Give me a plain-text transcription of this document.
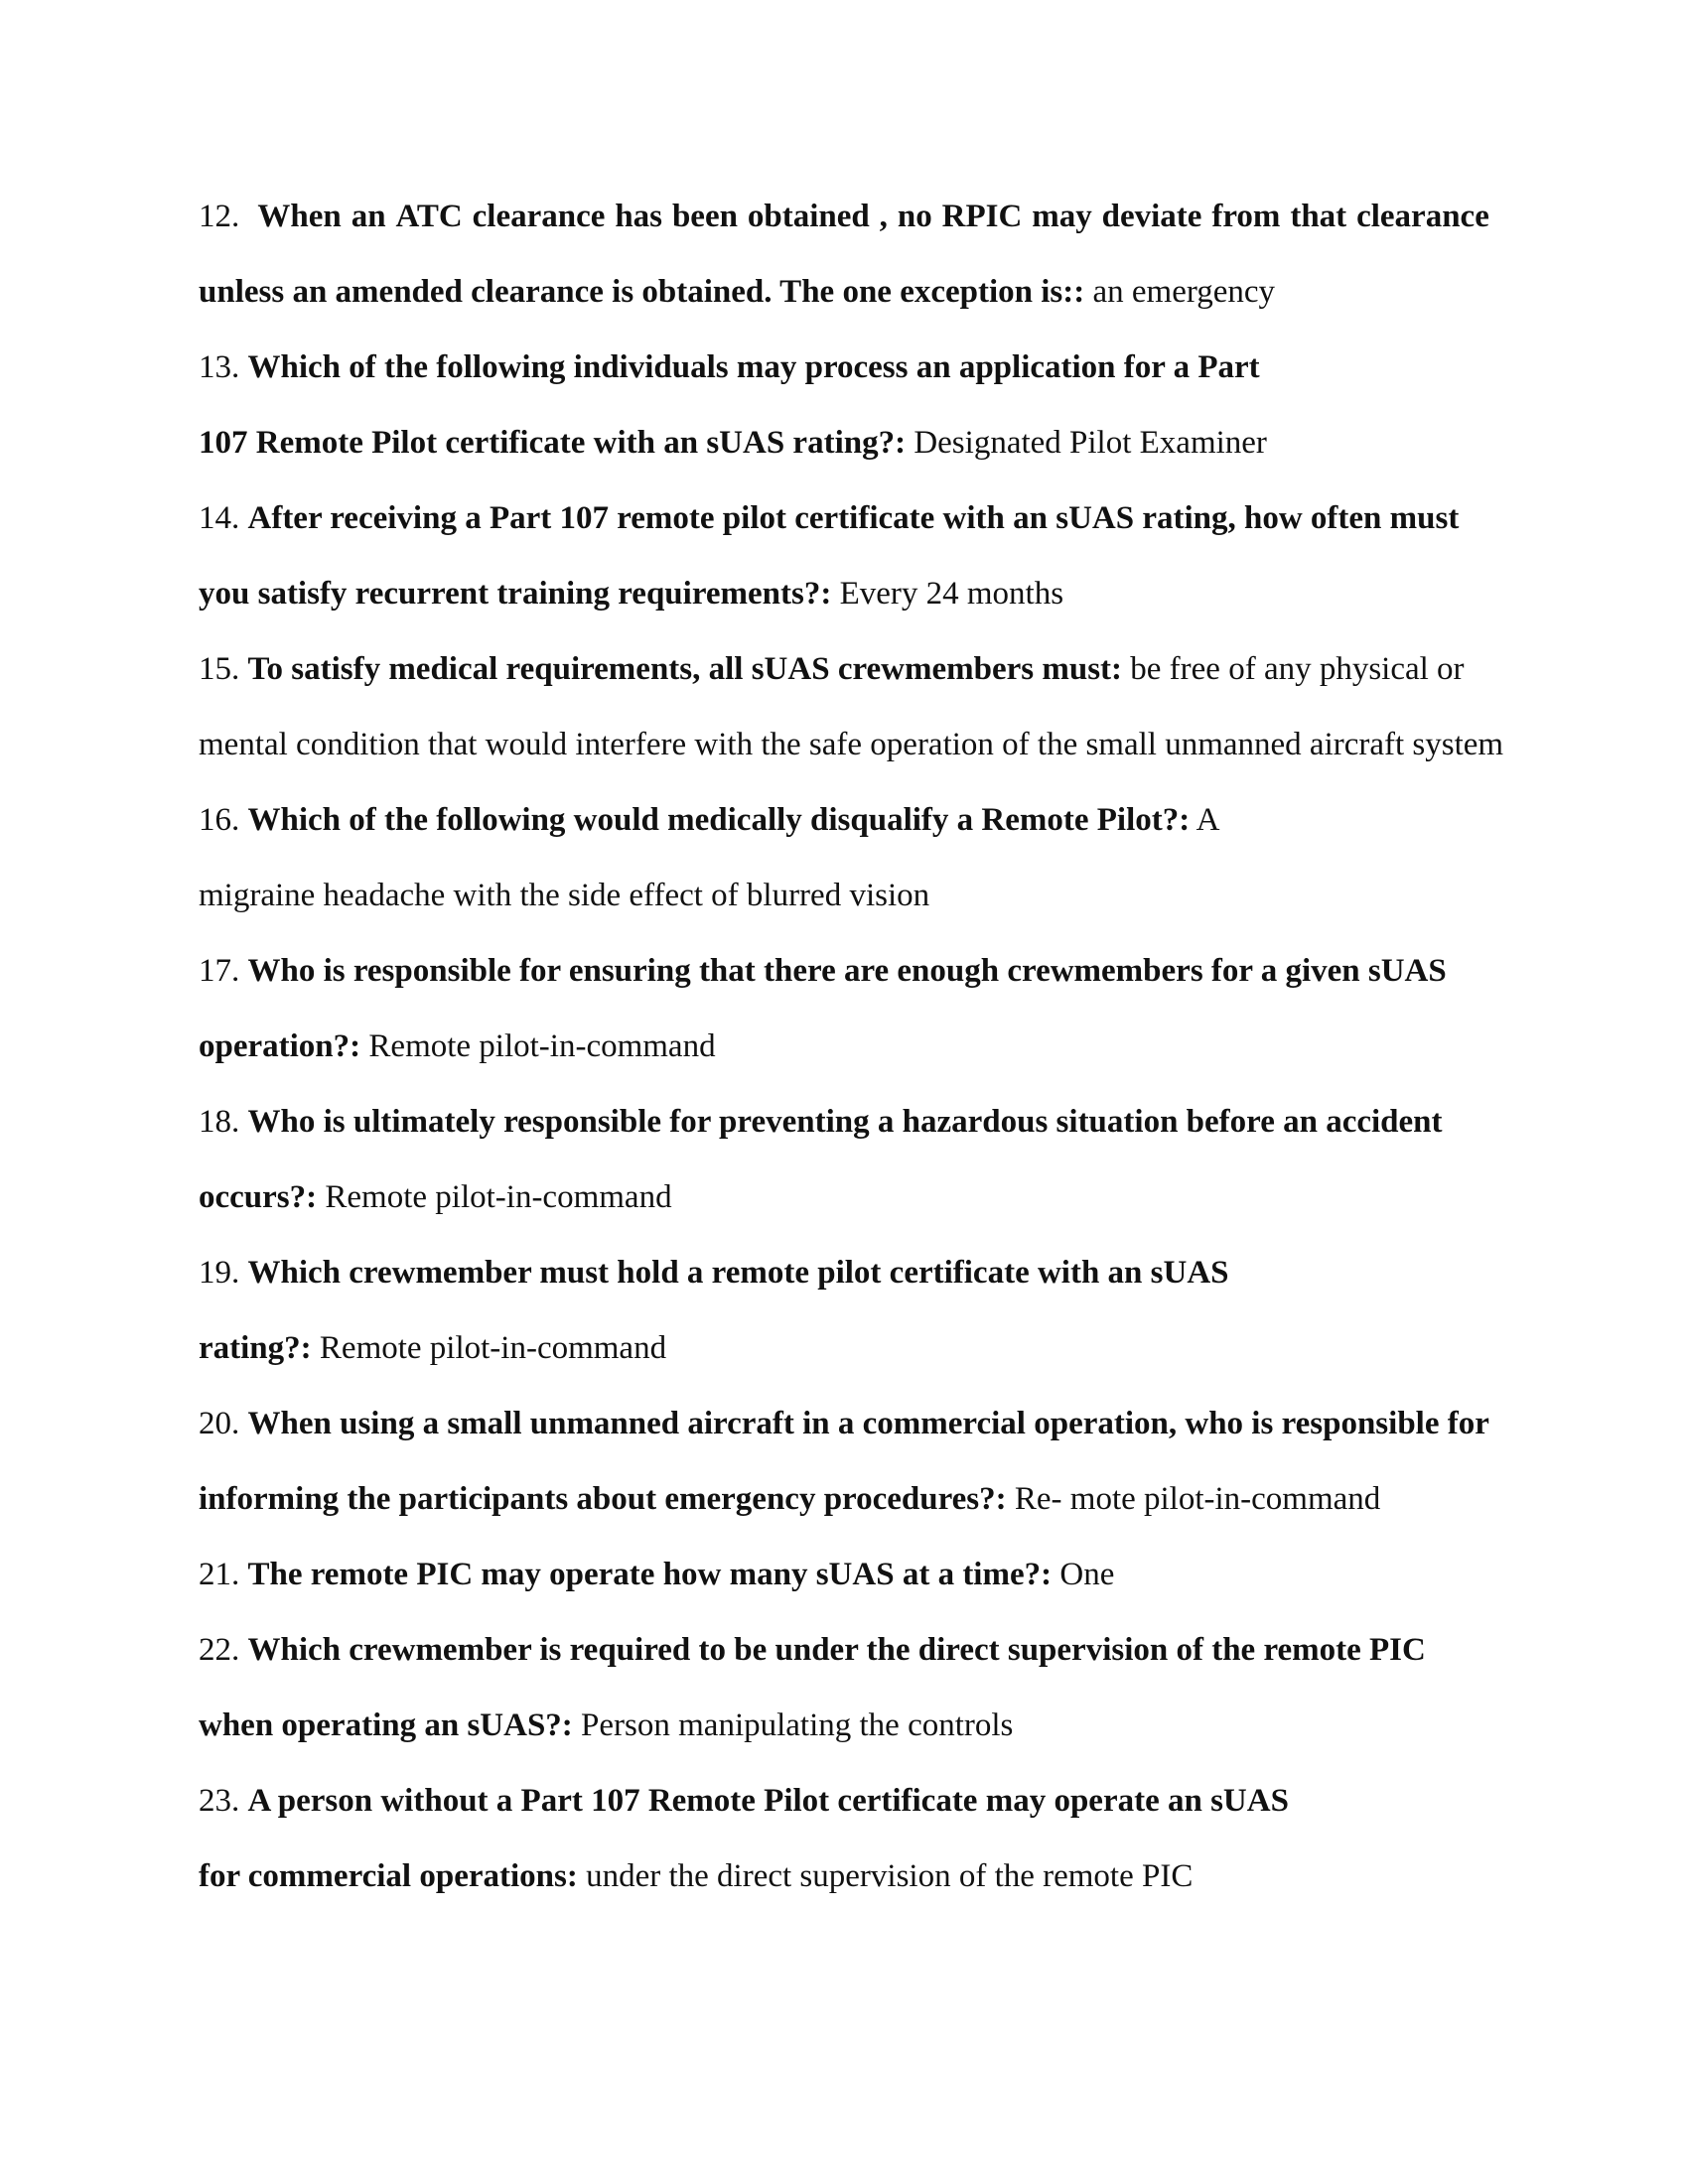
12. When an ATC clearance has been obtained , no RPIC may deviate from that clearance
unless an amended clearance is obtained. The one exception is:: an emergency
13. Which of the following individuals may process an application for a Part
107 Remote Pilot certificate with an sUAS rating?: Designated Pilot Examiner
14. After receiving a Part 107 remote pilot certificate with an sUAS rating, how often must
you satisfy recurrent training requirements?: Every 24 months
15. To satisfy medical requirements, all sUAS crewmembers must: be free of any physical or
mental condition that would interfere with the safe operation of the small unmanned aircraft system
16. Which of the following would medically disqualify a Remote Pilot?: A
migraine headache with the side effect of blurred vision
17. Who is responsible for ensuring that there are enough crewmembers for a given sUAS
operation?: Remote pilot-in-command
18. Who is ultimately responsible for preventing a hazardous situation before an accident
occurs?: Remote pilot-in-command
19. Which crewmember must hold a remote pilot certificate with an sUAS
rating?: Remote pilot-in-command
20. When using a small unmanned aircraft in a commercial operation, who is responsible for
informing the participants about emergency procedures?: Re- mote pilot-in-command
21. The remote PIC may operate how many sUAS at a time?: One
22. Which crewmember is required to be under the direct supervision of the remote PIC
when operating an sUAS?: Person manipulating the controls
23. A person without a Part 107 Remote Pilot certificate may operate an sUAS
for commercial operations: under the direct supervision of the remote PIC
